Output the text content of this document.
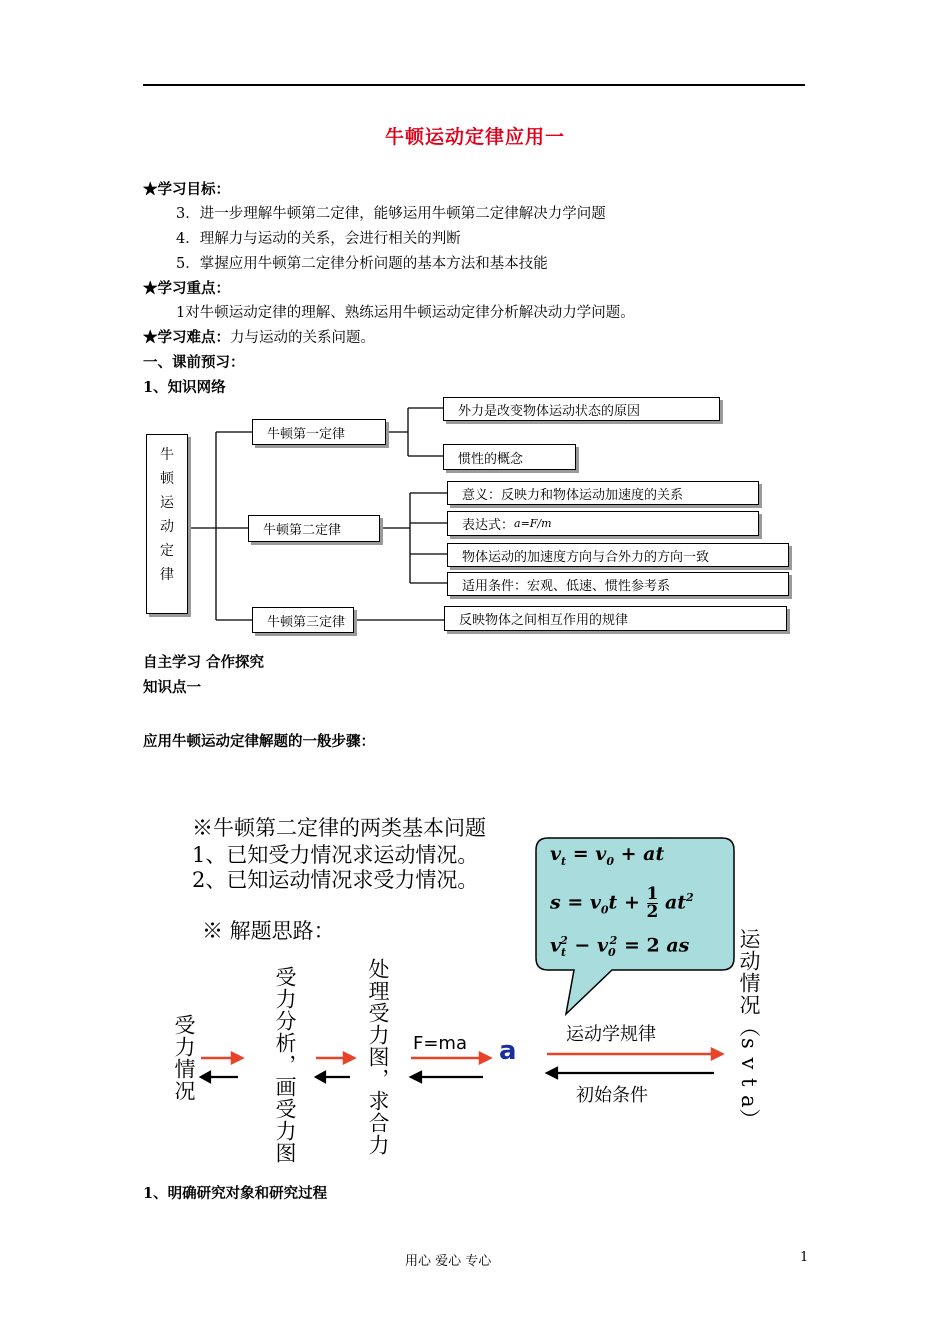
牛顿运动定律应用一
★学习目标：
3．进一步理解牛顿第二定律，能够运用牛顿第二定律解决力学问题
4．理解力与运动的关系，会进行相关的判断
5．掌握应用牛顿第二定律分析问题的基本方法和基本技能
★学习重点：
1对牛顿运动定律的理解、熟练运用牛顿运动定律分析解决动力学问题。
★学习难点：力与运动的关系问题。
一、课前预习：
1、知识网络
牛
顿
运
动
定
律
牛顿第一定律
牛顿第二定律
牛顿第三定律
外力是改变物体运动状态的原因
惯性的概念
意义：反映力和物体运动加速度的关系
表达式： a=F/m
物体运动的加速度方向与合外力的方向一致
适用条件：宏观、低速、惯性参考系
反映物体之间相互作用的规律
自主学习 合作探究
知识点一
应用牛顿运动定律解题的一般步骤：
※牛顿第二定律的两类基本问题
1、已知受力情况求运动情况。
2、已知运动情况求受力情况。
※ 解题思路：
$v_t = v_0$ + at
$s = v_0t + \frac{1}{2} at^2$
$v_t^2 - v_0^2 = 2$ as
受力情况	受力分析，画受力图	处理受力图，求合力	运动情况（s v t a）
F=ma a
运动学规律
初始条件
1、明确研究对象和研究过程
用心 爱心 专心	1
